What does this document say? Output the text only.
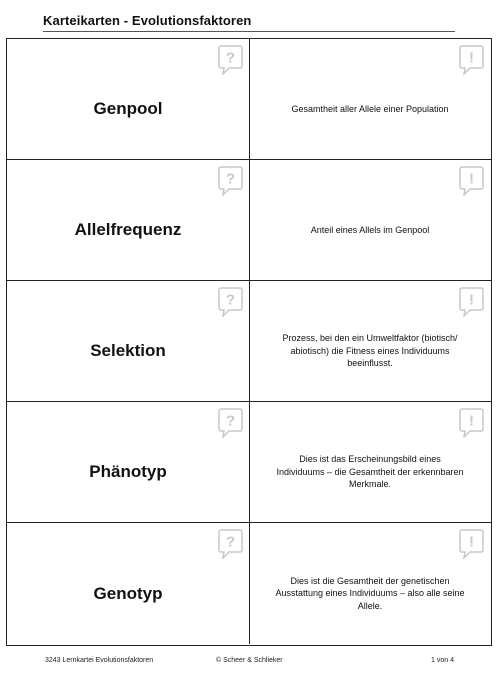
Karteikarten - Evolutionsfaktoren
?
Genpool
!
Gesamtheit aller Allele einer Population
?
Allelfrequenz
!
Anteil eines Allels im Genpool
?
Selektion
!
Prozess, bei den ein Umweltfaktor (biotisch/ abiotisch) die Fitness eines Individuums beeinflusst.
?
Phänotyp
!
Dies ist das Erscheinungsbild eines Individuums – die Gesamtheit der erkennbaren Merkmale.
?
Genotyp
!
Dies ist die Gesamtheit der genetischen Ausstattung eines Individuums – also alle seine Allele.
3243 Lernkartei Evolutionsfaktoren	© Scheer & Schlieker	1 von 4
